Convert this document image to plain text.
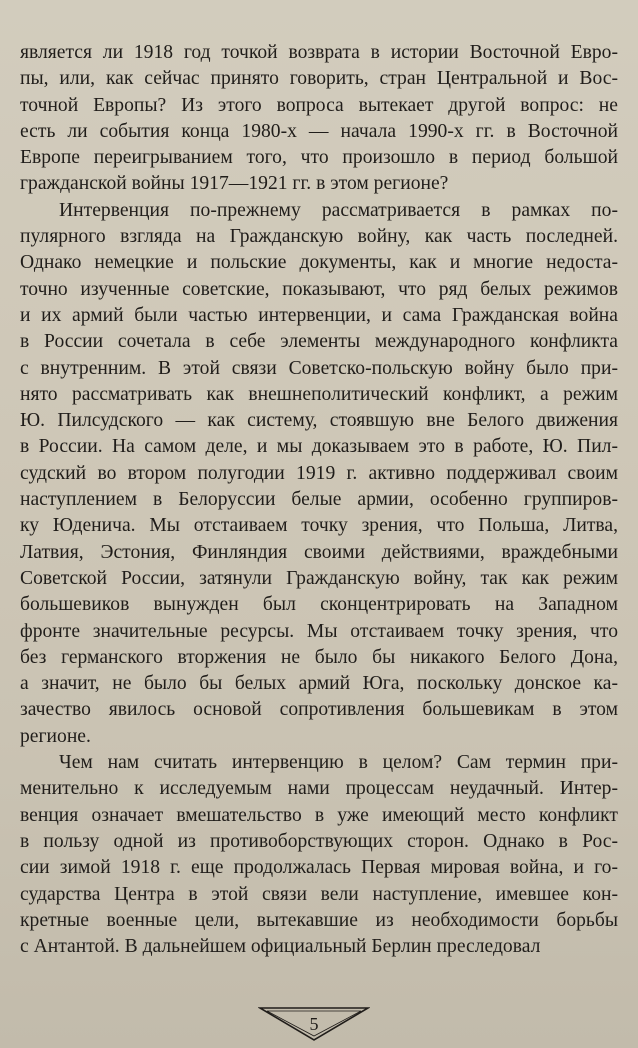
является ли 1918 год точкой возврата в истории Восточной Евро-
пы, или, как сейчас принято говорить, стран Центральной и Вос-
точной Европы? Из этого вопроса вытекает другой вопрос: не
есть ли события конца 1980-х — начала 1990-х гг. в Восточной
Европе переигрыванием того, что произошло в период большой
гражданской войны 1917—1921 гг. в этом регионе?
Интервенция по-прежнему рассматривается в рамках по-
пулярного взгляда на Гражданскую войну, как часть последней.
Однако немецкие и польские документы, как и многие недоста-
точно изученные советские, показывают, что ряд белых режимов
и их армий были частью интервенции, и сама Гражданская война
в России сочетала в себе элементы международного конфликта
с внутренним. В этой связи Советско-польскую войну было при-
нято рассматривать как внешнеполитический конфликт, а режим
Ю. Пилсудского — как систему, стоявшую вне Белого движения
в России. На самом деле, и мы доказываем это в работе, Ю. Пил-
судский во втором полугодии 1919 г. активно поддерживал своим
наступлением в Белоруссии белые армии, особенно группиров-
ку Юденича. Мы отстаиваем точку зрения, что Польша, Литва,
Латвия, Эстония, Финляндия своими действиями, враждебными
Советской России, затянули Гражданскую войну, так как режим
большевиков вынужден был сконцентрировать на Западном
фронте значительные ресурсы. Мы отстаиваем точку зрения, что
без германского вторжения не было бы никакого Белого Дона,
а значит, не было бы белых армий Юга, поскольку донское ка-
зачество явилось основой сопротивления большевикам в этом
регионе.
Чем нам считать интервенцию в целом? Сам термин при-
менительно к исследуемым нами процессам неудачный. Интер-
венция означает вмешательство в уже имеющий место конфликт
в пользу одной из противоборствующих сторон. Однако в Рос-
сии зимой 1918 г. еще продолжалась Первая мировая война, и го-
сударства Центра в этой связи вели наступление, имевшее кон-
кретные военные цели, вытекавшие из необходимости борьбы
с Антантой. В дальнейшем официальный Берлин преследовал
5
